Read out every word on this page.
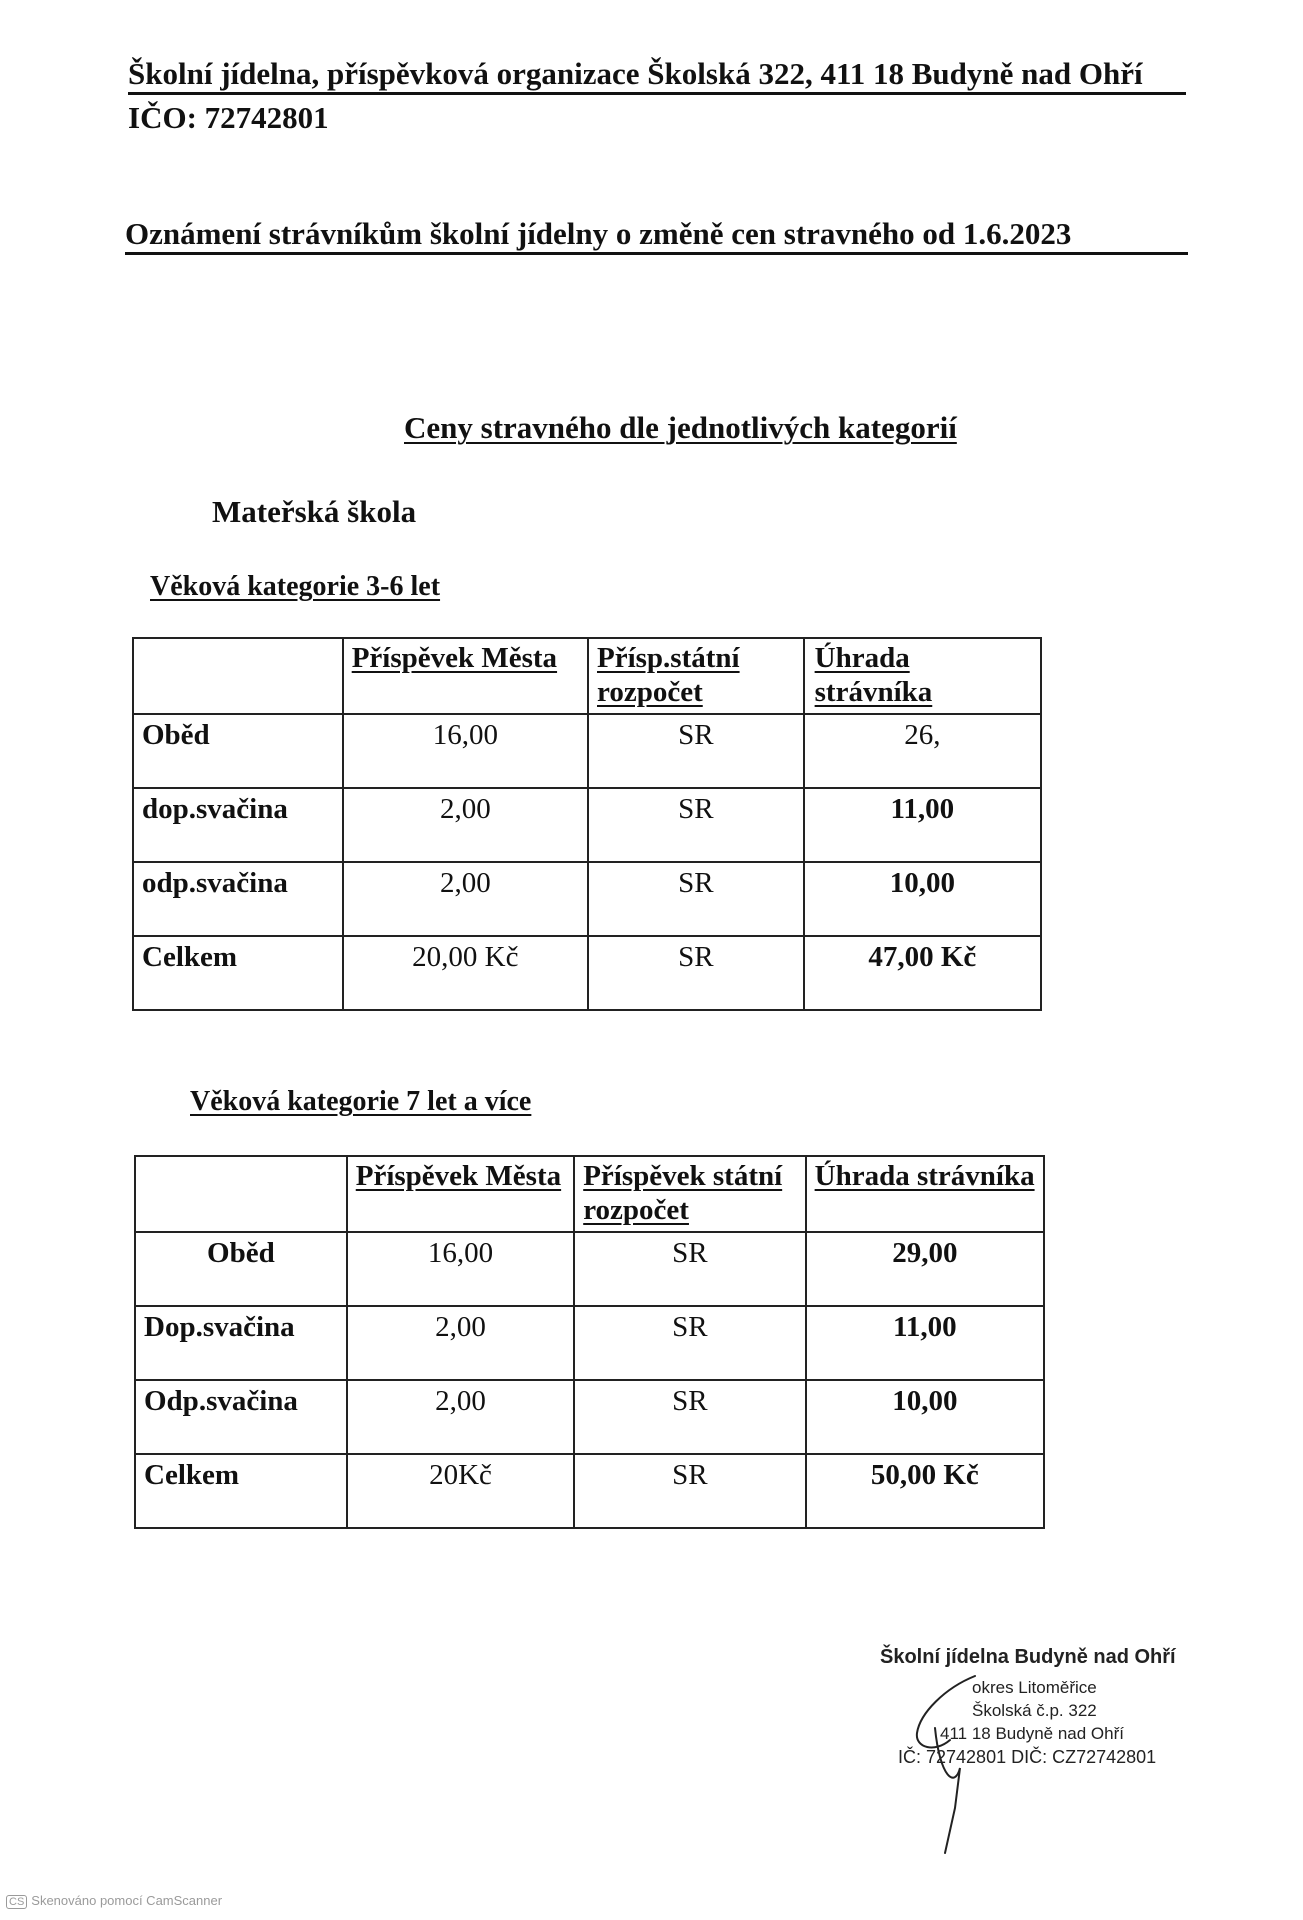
Školní jídelna, příspěvková organizace Školská 322, 411 18 Budyně nad Ohří
IČO: 72742801
Oznámení strávníkům školní jídelny o změně cen stravného od 1.6.2023
Ceny stravného dle jednotlivých kategorií
Mateřská škola
Věková kategorie 3-6 let
	Příspěvek Města	Přísp.státní rozpočet	Úhrada strávníka
Oběd	16,00	SR	26,
dop.svačina	2,00	SR	11,00
odp.svačina	2,00	SR	10,00
Celkem	20,00 Kč	SR	47,00 Kč
Věková kategorie 7 let a více
	Příspěvek Města	Příspěvek státní rozpočet	Úhrada strávníka
Oběd	16,00	SR	29,00
Dop.svačina	2,00	SR	11,00
Odp.svačina	2,00	SR	10,00
Celkem	20Kč	SR	50,00 Kč
Školní jídelna Budyně nad Ohří
okres Litoměřice
Školská č.p. 322
411 18 Budyně nad Ohří
IČ: 72742801 DIČ: CZ72742801
CS Skenováno pomocí CamScanner
